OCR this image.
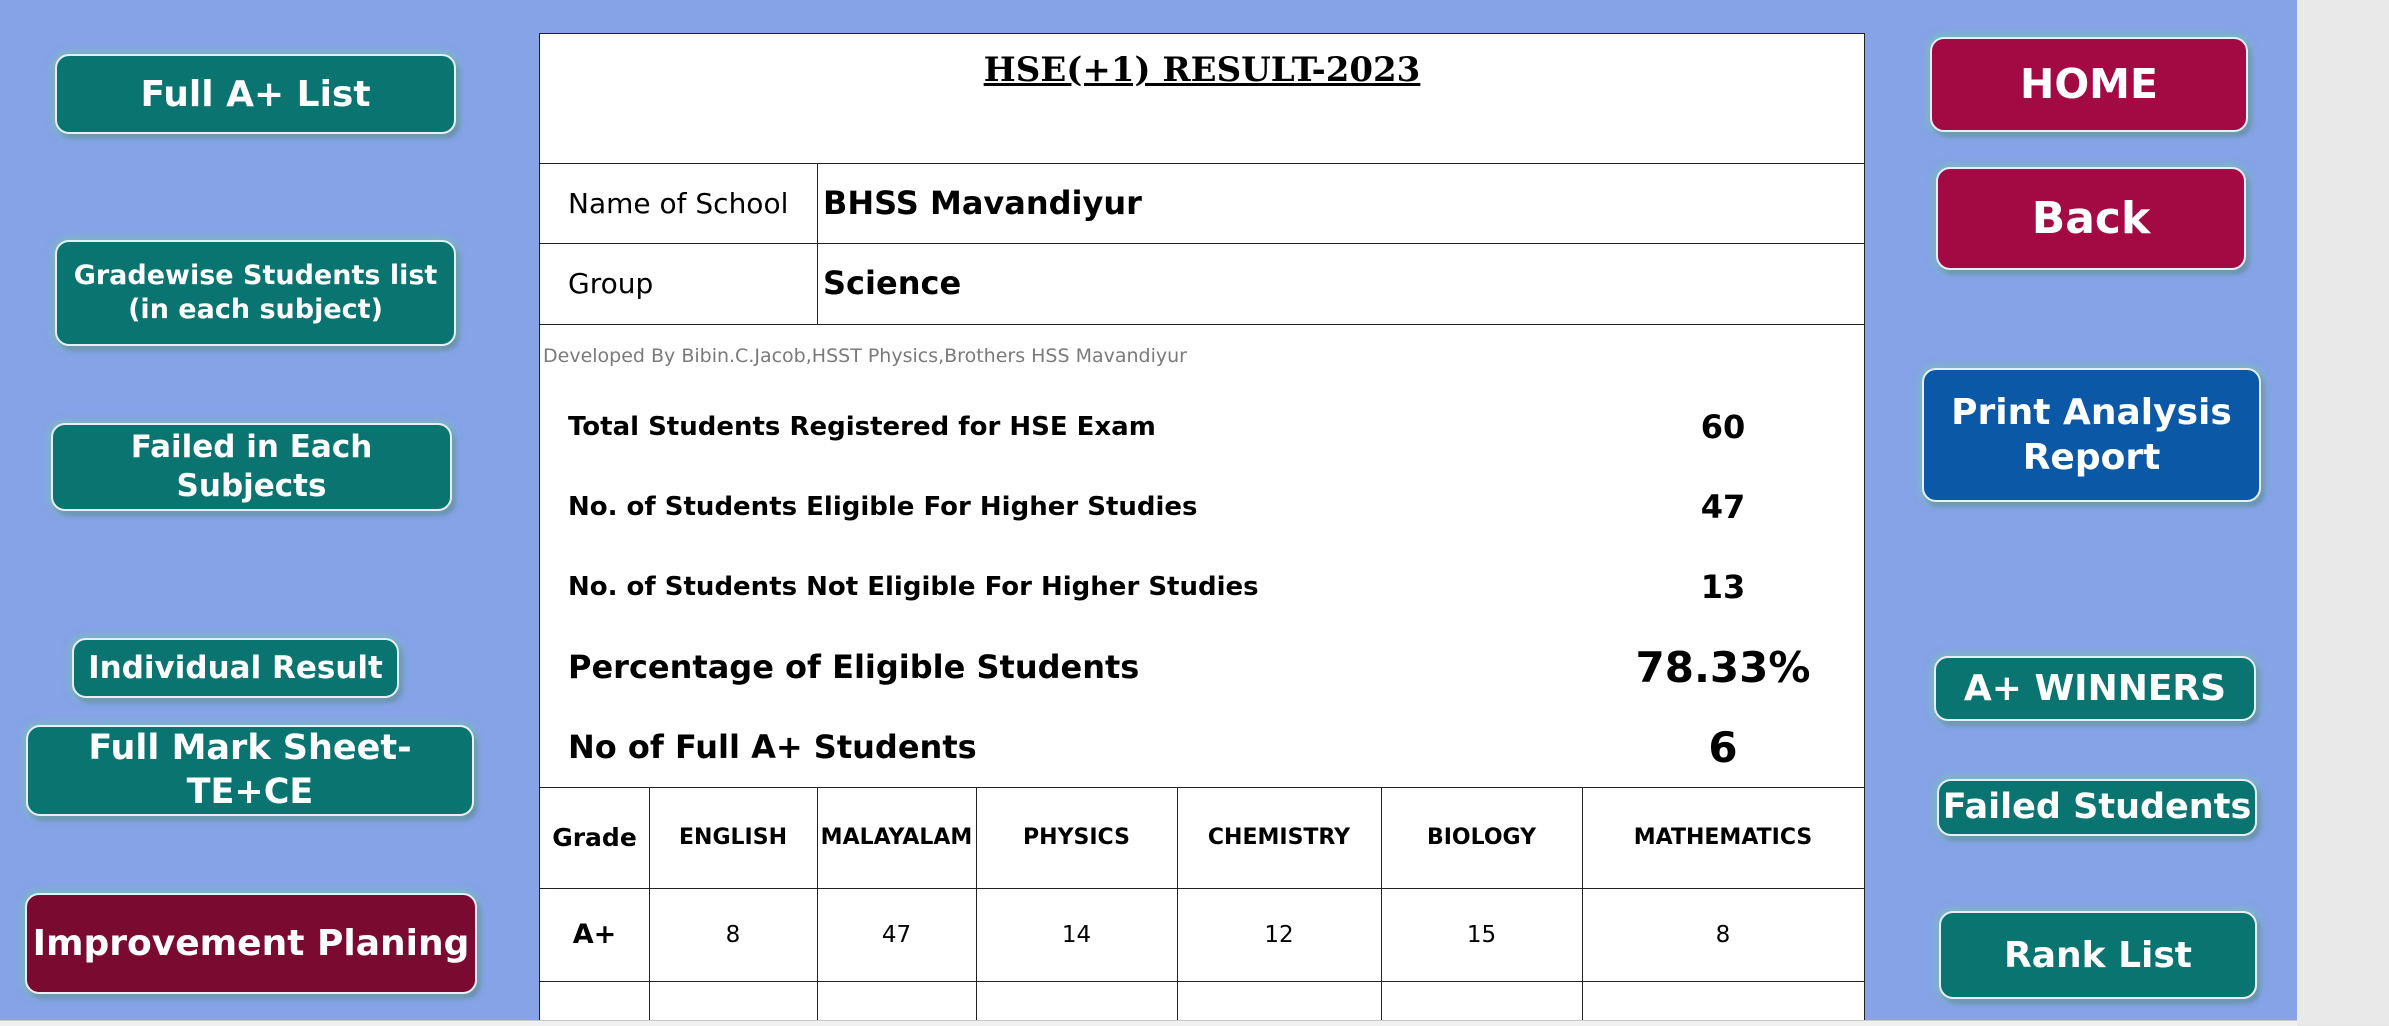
Full A+ List
Gradewise Students list
(in each subject)
Failed in Each Subjects
Individual Result
Full Mark Sheet-TE+CE
Improvement Planing
HOME
Back
Print Analysis
Report
A+ WINNERS
Failed Students
Rank List
HSE(+1) RESULT-2023
Name of School BHSS Mavandiyur
Group	Science
Developed By Bibin.C.Jacob,HSST Physics,Brothers HSS Mavandiyur
Total Students Registered for HSE Exam	60
No. of Students Eligible For Higher Studies	47
No. of Students Not Eligible For Higher Studies	13
Percentage of Eligible Students	78.33%
No of Full A+ Students	6
Grade	ENGLISH	MALAYALAM	PHYSICS	CHEMISTRY	BIOLOGY	MATHEMATICS
A+	8	47	14	12	15	8
